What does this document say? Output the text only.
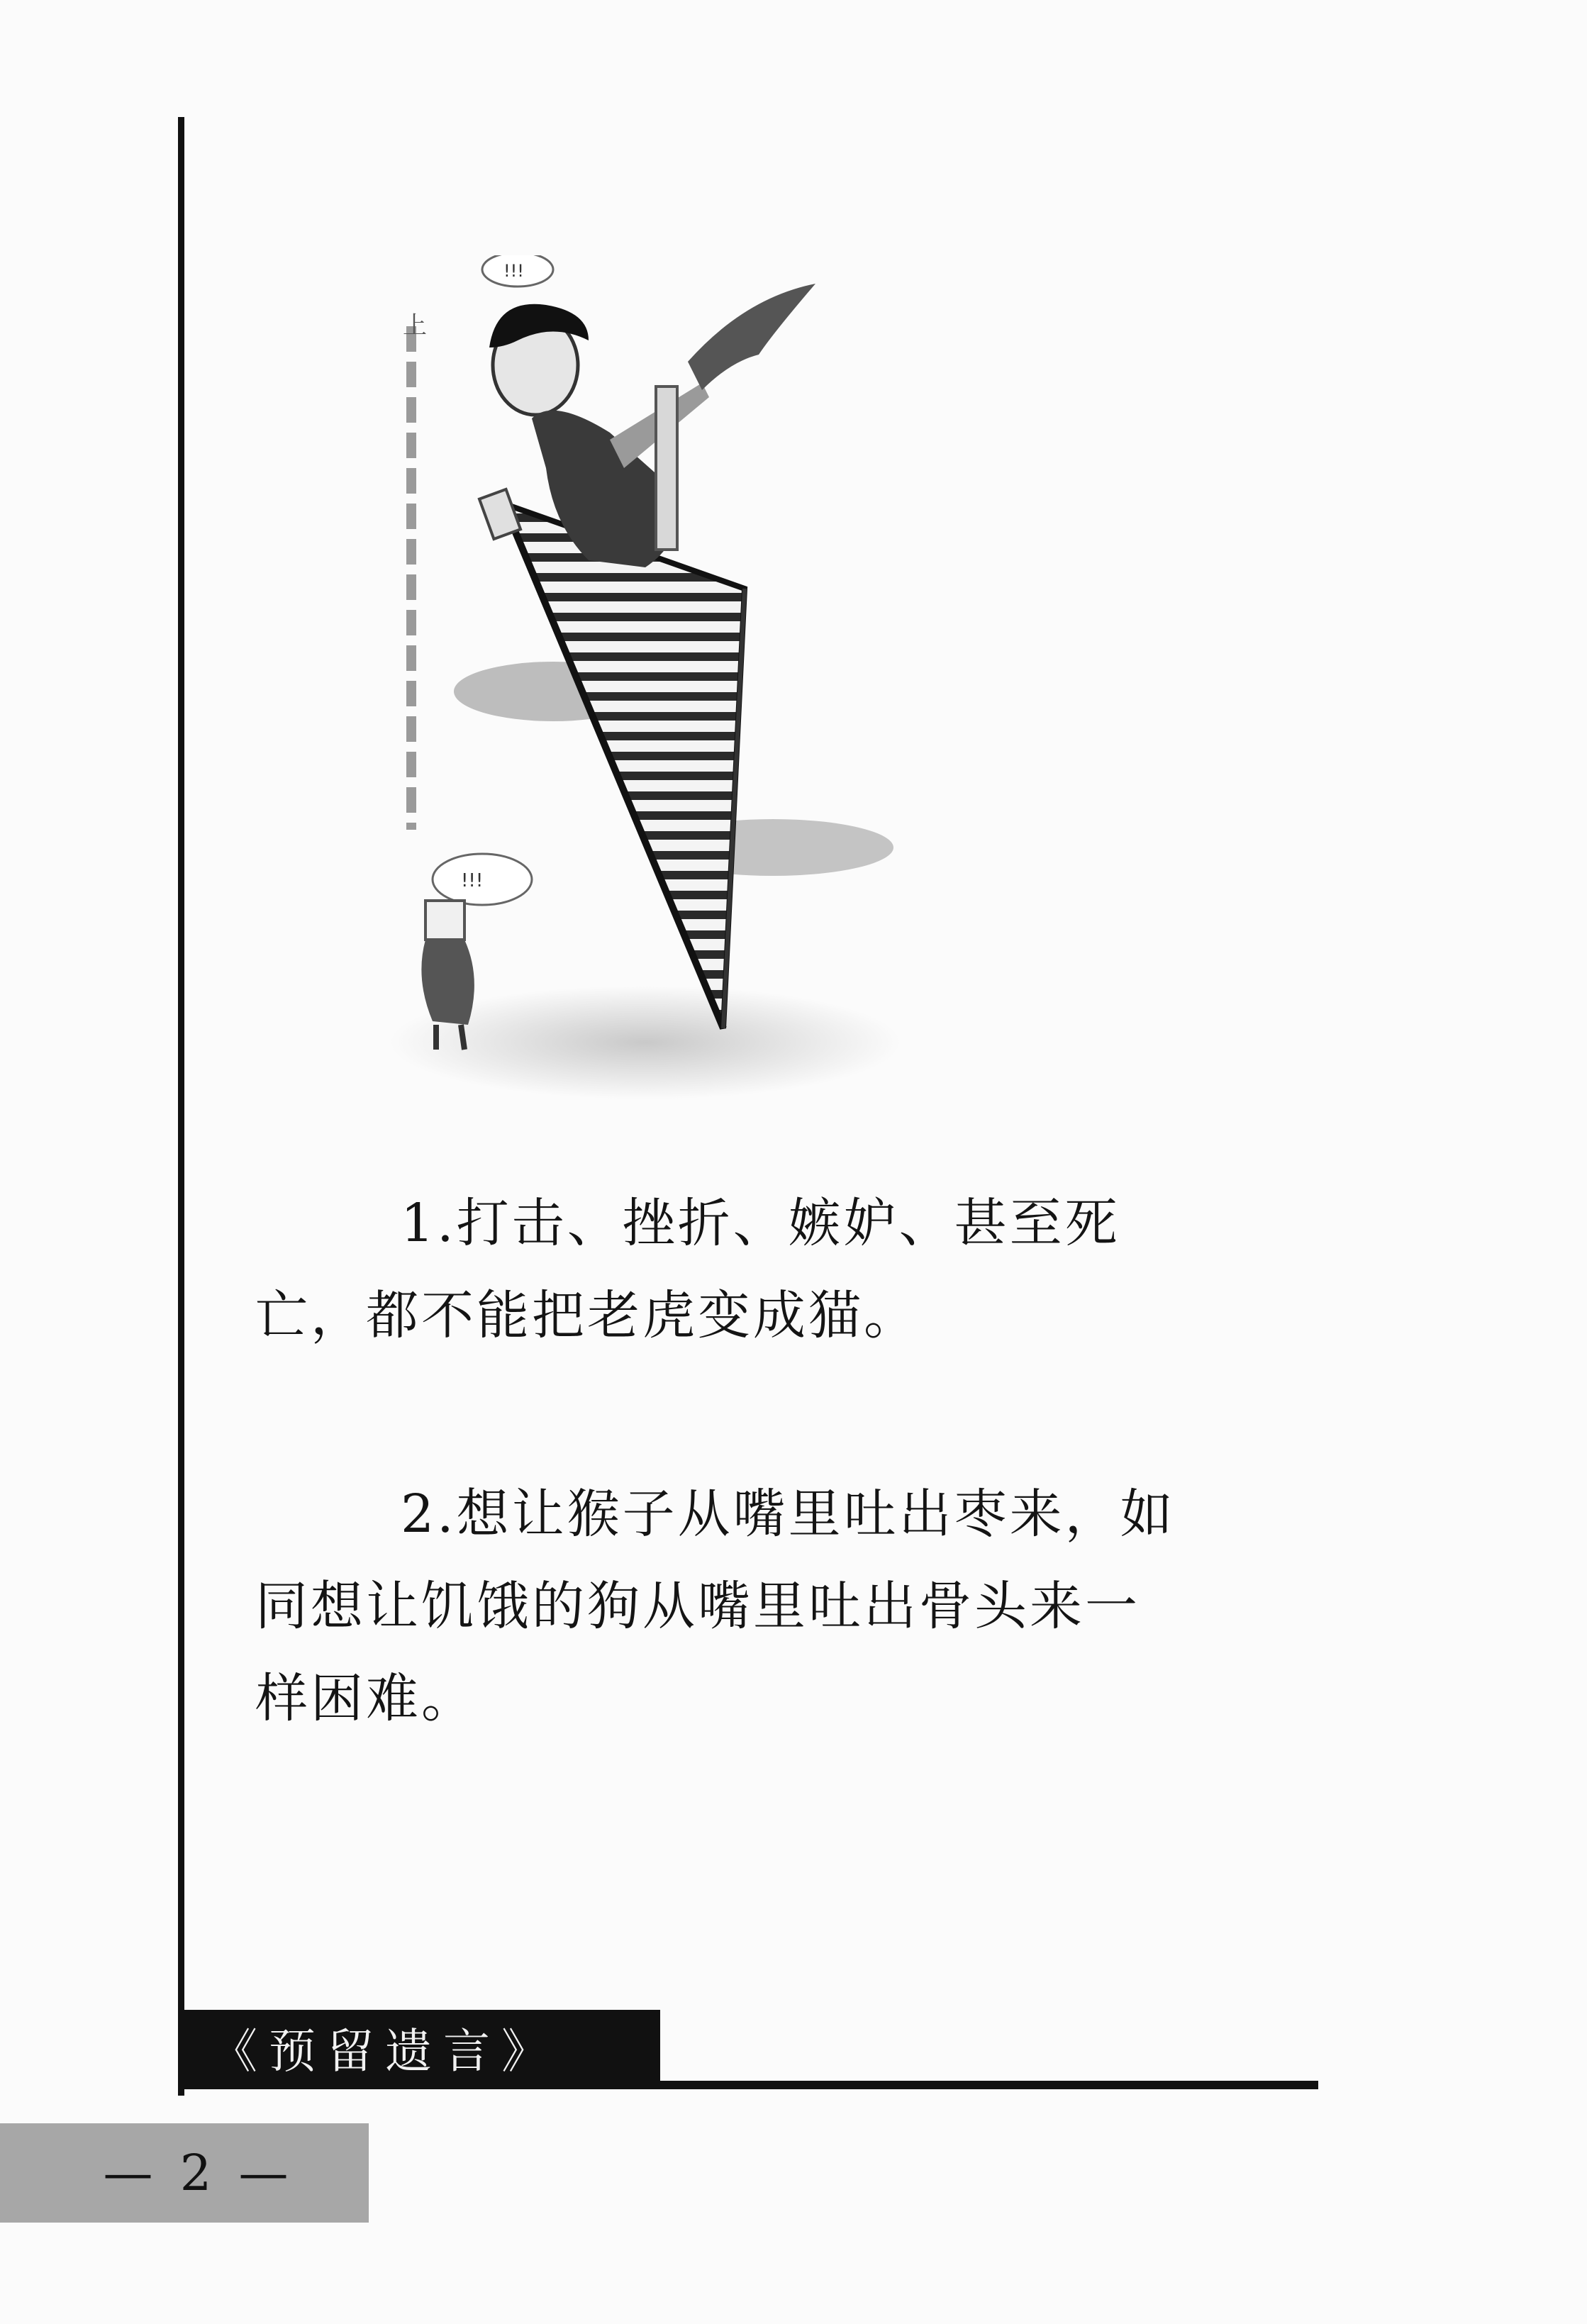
上
!!!
!!!

1.打击、挫折、嫉妒、甚至死亡，都不能把老虎变成猫。

2.想让猴子从嘴里吐出枣来，如同想让饥饿的狗从嘴里吐出骨头来一样困难。

《预留遗言》
— 2 —
